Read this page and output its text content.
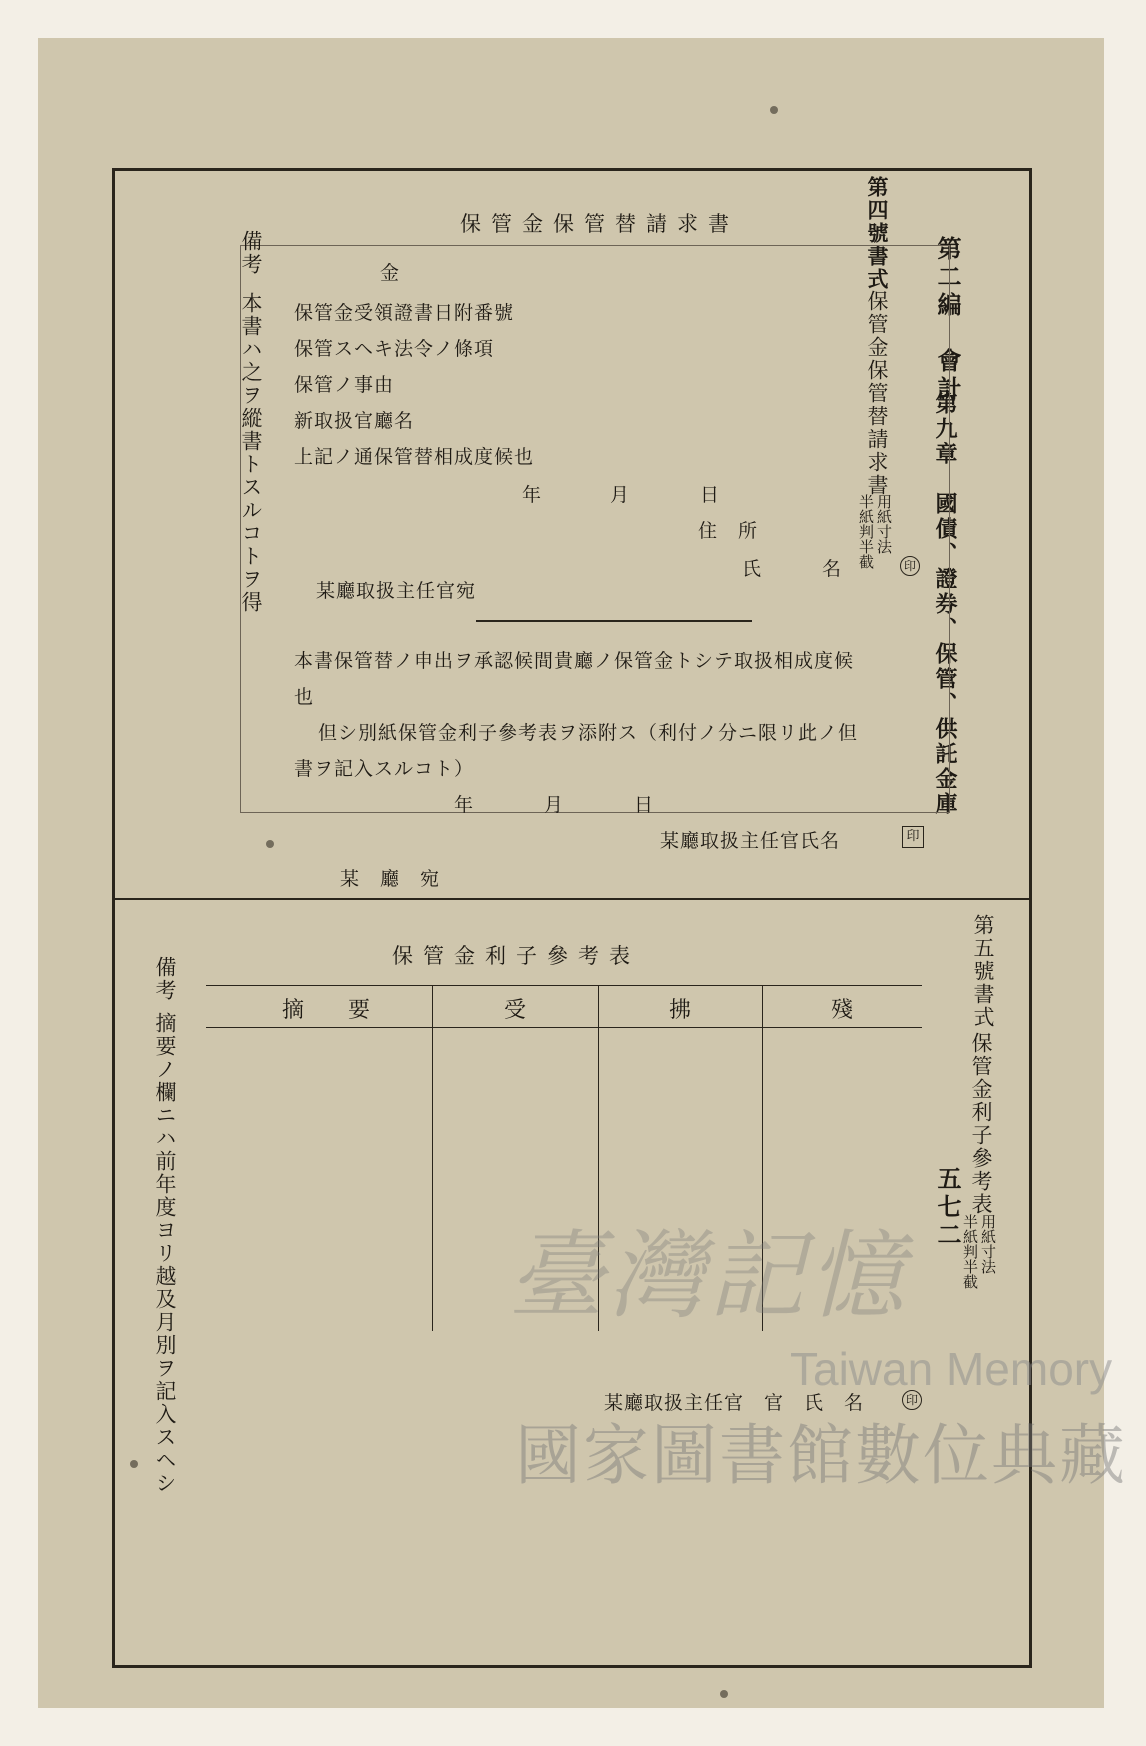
第二編　會計
第九章　國債、證券、保管、供託金庫
五七二
第四號書式
保管金保管替請求書
用紙寸法
半紙判半截
保管金保管替請求書
金
保管金受領證書日附番號
保管スヘキ法令ノ條項
保管ノ事由
新取扱官廳名
上記ノ通保管替相成度候也
年	月	日
住　所
氏　　　名	印
某廳取扱主任官宛
本書保管替ノ申出ヲ承認候間貴廳ノ保管金トシテ取扱相成度候
也
但シ別紙保管金利子參考表ヲ添附ス（利付ノ分ニ限リ此ノ但
書ヲ記入スルコト）
年	月	日
某廳取扱主任官氏名	印
某　廳　宛
備考
本書ハ之ヲ縱書トスルコトヲ得
第五號書式
保管金利子參考表
用紙寸法
半紙判半截
保管金利子參考表
摘　　要	受	拂	殘
某廳取扱主任官　官　氏　名	印
備考
摘要ノ欄ニハ前年度ヨリ越及月別ヲ記入スヘシ	臺灣記憶
Taiwan Memory
國家圖書館數位典藏
